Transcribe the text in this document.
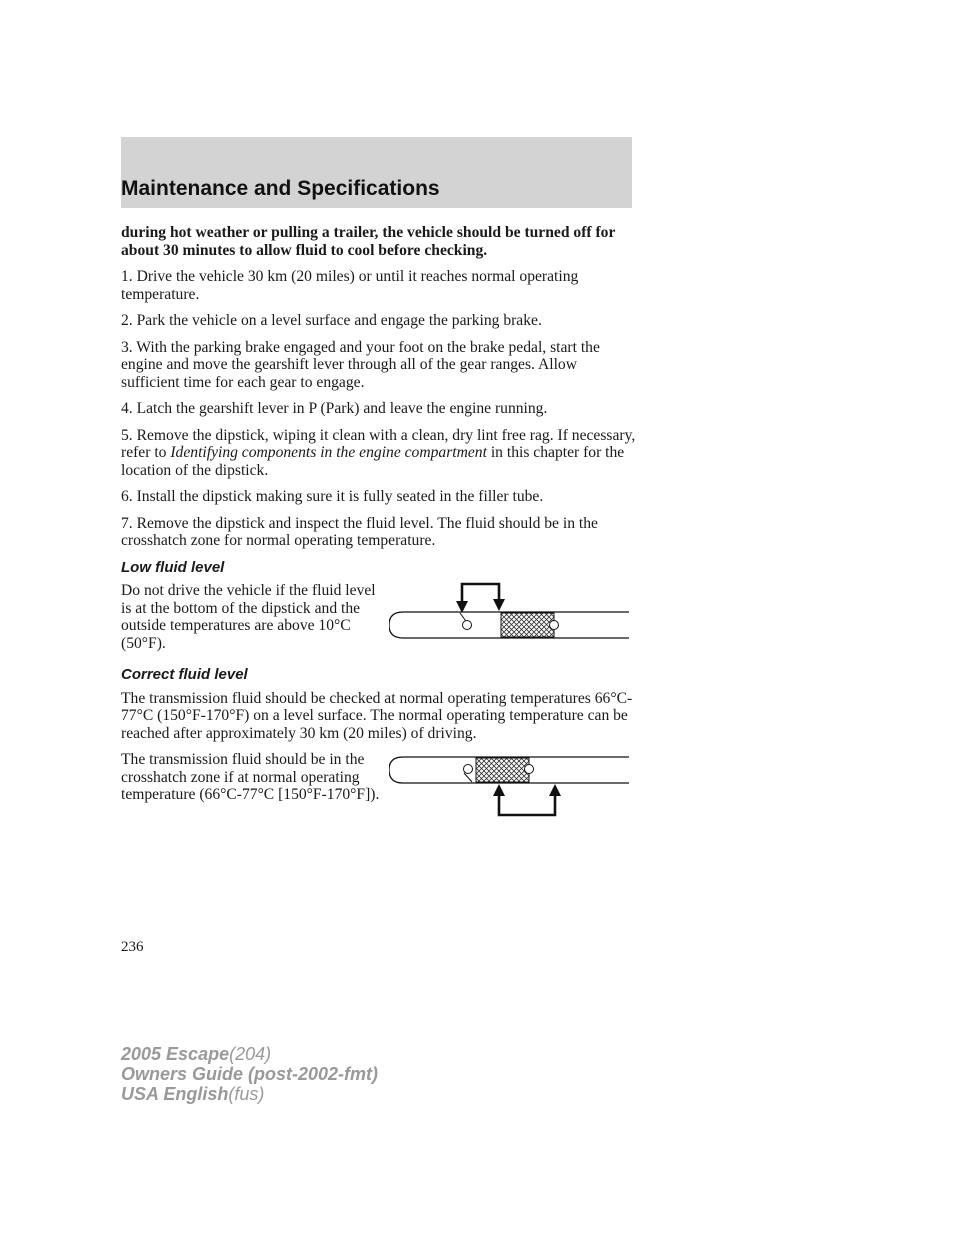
Maintenance and Specifications

during hot weather or pulling a trailer, the vehicle should be turned off for about 30 minutes to allow fluid to cool before checking.

1. Drive the vehicle 30 km (20 miles) or until it reaches normal operating temperature.

2. Park the vehicle on a level surface and engage the parking brake.

3. With the parking brake engaged and your foot on the brake pedal, start the engine and move the gearshift lever through all of the gear ranges. Allow sufficient time for each gear to engage.

4. Latch the gearshift lever in P (Park) and leave the engine running.

5. Remove the dipstick, wiping it clean with a clean, dry lint free rag. If necessary, refer to Identifying components in the engine compartment in this chapter for the location of the dipstick.

6. Install the dipstick making sure it is fully seated in the filler tube.

7. Remove the dipstick and inspect the fluid level. The fluid should be in the crosshatch zone for normal operating temperature.

Low fluid level

Do not drive the vehicle if the fluid level is at the bottom of the dipstick and the outside temperatures are above 10°C (50°F).

Correct fluid level

The transmission fluid should be checked at normal operating temperatures 66°C-77°C (150°F-170°F) on a level surface. The normal operating temperature can be reached after approximately 30 km (20 miles) of driving.

The transmission fluid should be in the crosshatch zone if at normal operating temperature (66°C-77°C [150°F-170°F]).

236
2005 Escape(204)
Owners Guide (post-2002-fmt)
USA English(fus)
